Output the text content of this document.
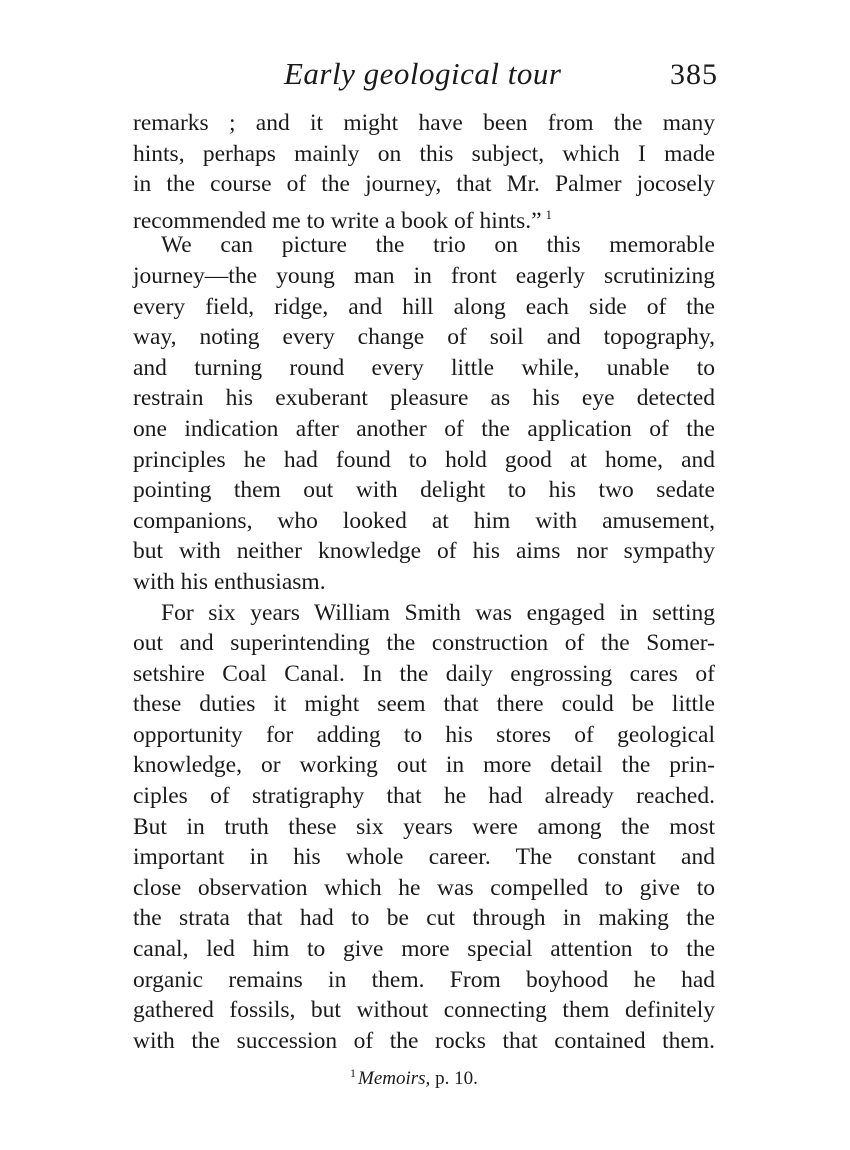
Early geological tour	385
remarks ; and it might have been from the many
hints, perhaps mainly on this subject, which I made
in the course of the journey, that Mr. Palmer jocosely
recommended me to write a book of hints.” $^1$
We can picture the trio on this memorable
journey—the young man in front eagerly scrutinizing
every field, ridge, and hill along each side of the
way, noting every change of soil and topography,
and turning round every little while, unable to
restrain his exuberant pleasure as his eye detected
one indication after another of the application of the
principles he had found to hold good at home, and
pointing them out with delight to his two sedate
companions, who looked at him with amusement,
but with neither knowledge of his aims nor sympathy
with his enthusiasm.
For six years William Smith was engaged in setting
out and superintending the construction of the Somer-
setshire Coal Canal. In the daily engrossing cares of
these duties it might seem that there could be little
opportunity for adding to his stores of geological
knowledge, or working out in more detail the prin-
ciples of stratigraphy that he had already reached.
But in truth these six years were among the most
important in his whole career. The constant and
close observation which he was compelled to give to
the strata that had to be cut through in making the
canal, led him to give more special attention to the
organic remains in them. From boyhood he had
gathered fossils, but without connecting them definitely
with the succession of the rocks that contained them.
$^1$ Memoirs, p. 10.
